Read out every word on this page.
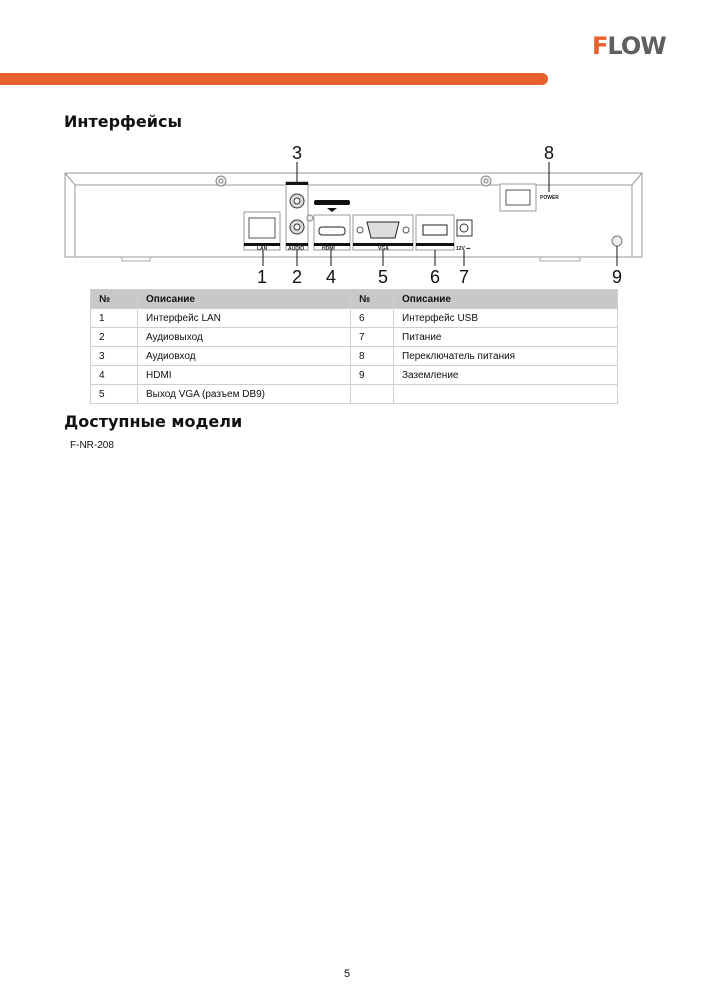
FLOW
Интерфейсы
LAN	AUDIO	HDMI	VGA	12V ⎓
POWER
1 2
3
4 5 6 7
8
9
№	Описание	№	Описание
1	Интерфейс LAN	6	Интерфейс USB
2	Аудиовыход	7	Питание
3	Аудиовход	8	Переключатель питания
4	HDMI	9	Заземление
5	Выход VGA (разъем DB9)		
Доступные модели
F-NR-208
5
